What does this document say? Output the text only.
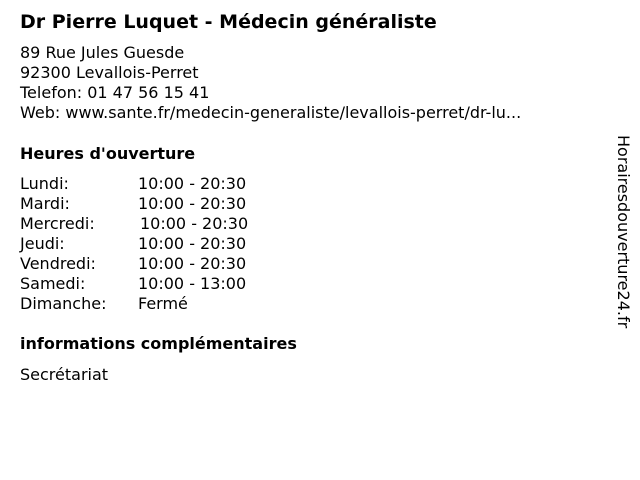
Dr Pierre Luquet - Médecin généraliste
89 Rue Jules Guesde
92300 Levallois-Perret
Telefon: 01 47 56 15 41
Web: www.sante.fr/medecin-generaliste/levallois-perret/dr-lu...
Heures d'ouverture
Lundi:	10:00 - 20:30
Mardi:	10:00 - 20:30
Mercredi:	10:00 - 20:30
Jeudi:	10:00 - 20:30
Vendredi:	10:00 - 20:30
Samedi:	10:00 - 13:00
Dimanche: Fermé
informations complémentaires
Secrétariat
Horairesdouverture24.fr
